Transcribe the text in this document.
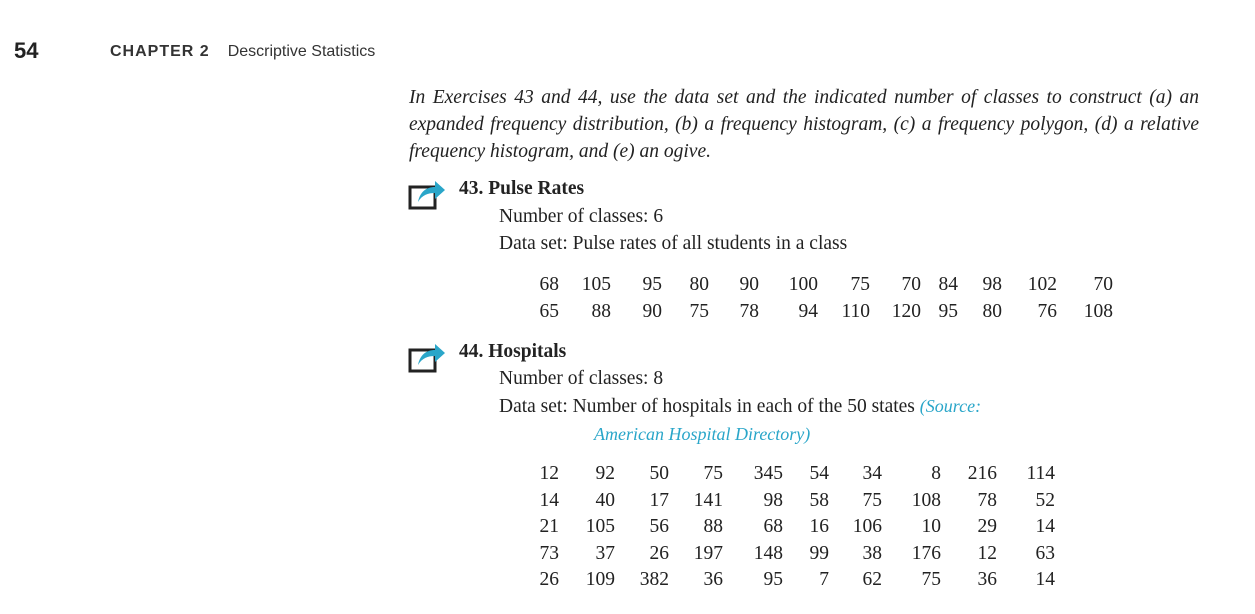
54	CHAPTER 2 Descriptive Statistics
In Exercises 43 and 44, use the data set and the indicated number of classes to construct (a) an expanded frequency distribution, (b) a frequency histogram, (c) a frequency polygon, (d) a relative frequency histogram, and (e) an ogive.
43. Pulse Rates
Number of classes: 6
Data set: Pulse rates of all students in a class
68	105	95	80	90	100	75	70	84	98	102	70
65	88	90	75	78	94	110	120	95	80	76	108
44. Hospitals
Number of classes: 8
Data set: Number of hospitals in each of the 50 states (Source:
American Hospital Directory)
12	92	50	75	345	54	34	8	216	114
14	40	17	141	98	58	75	108	78	52
21	105	56	88	68	16	106	10	29	14
73	37	26	197	148	99	38	176	12	63
26	109	382	36	95	7	62	75	36	14
